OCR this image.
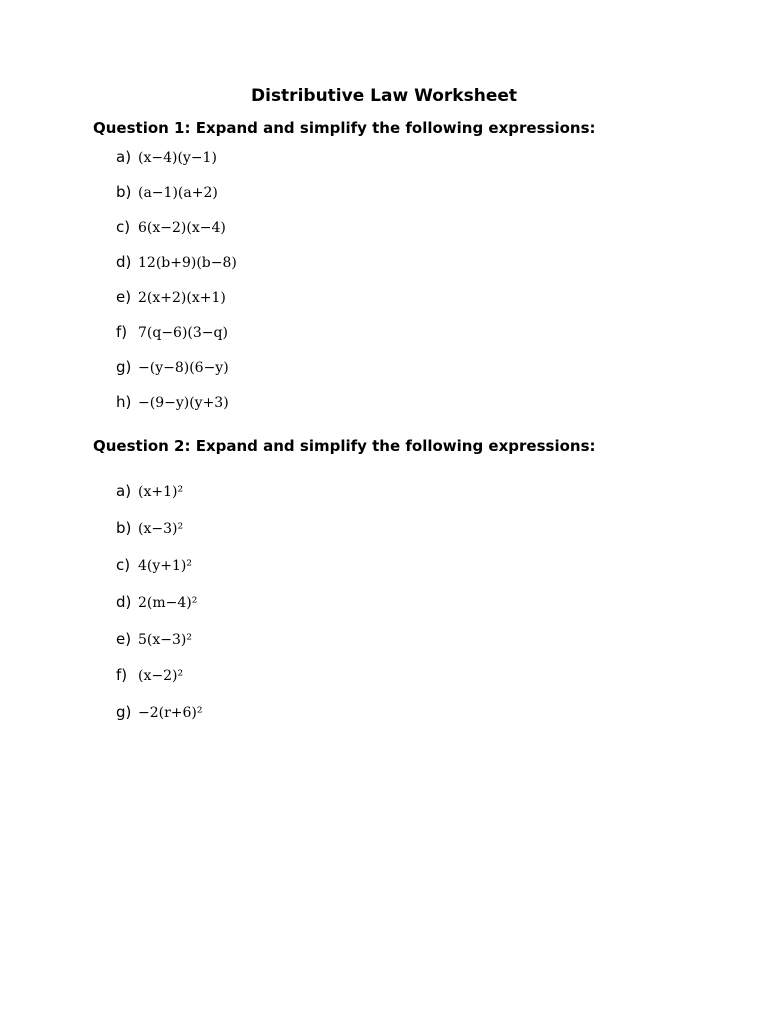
Distributive Law Worksheet
Question 1: Expand and simplify the following expressions:
a) (x−4)(y−1)
b) (a−1)(a+2)
c) 6(x−2)(x−4)
d) 12(b+9)(b−8)
e) 2(x+2)(x+1)
f) 7(q−6)(3−q)
g) −(y−8)(6−y)
h) −(9−y)(y+3)
Question 2: Expand and simplify the following expressions:
a) (x+1)²
b) (x−3)²
c) 4(y+1)²
d) 2(m−4)²
e) 5(x−3)²
f) (x−2)²
g) −2(r+6)²
